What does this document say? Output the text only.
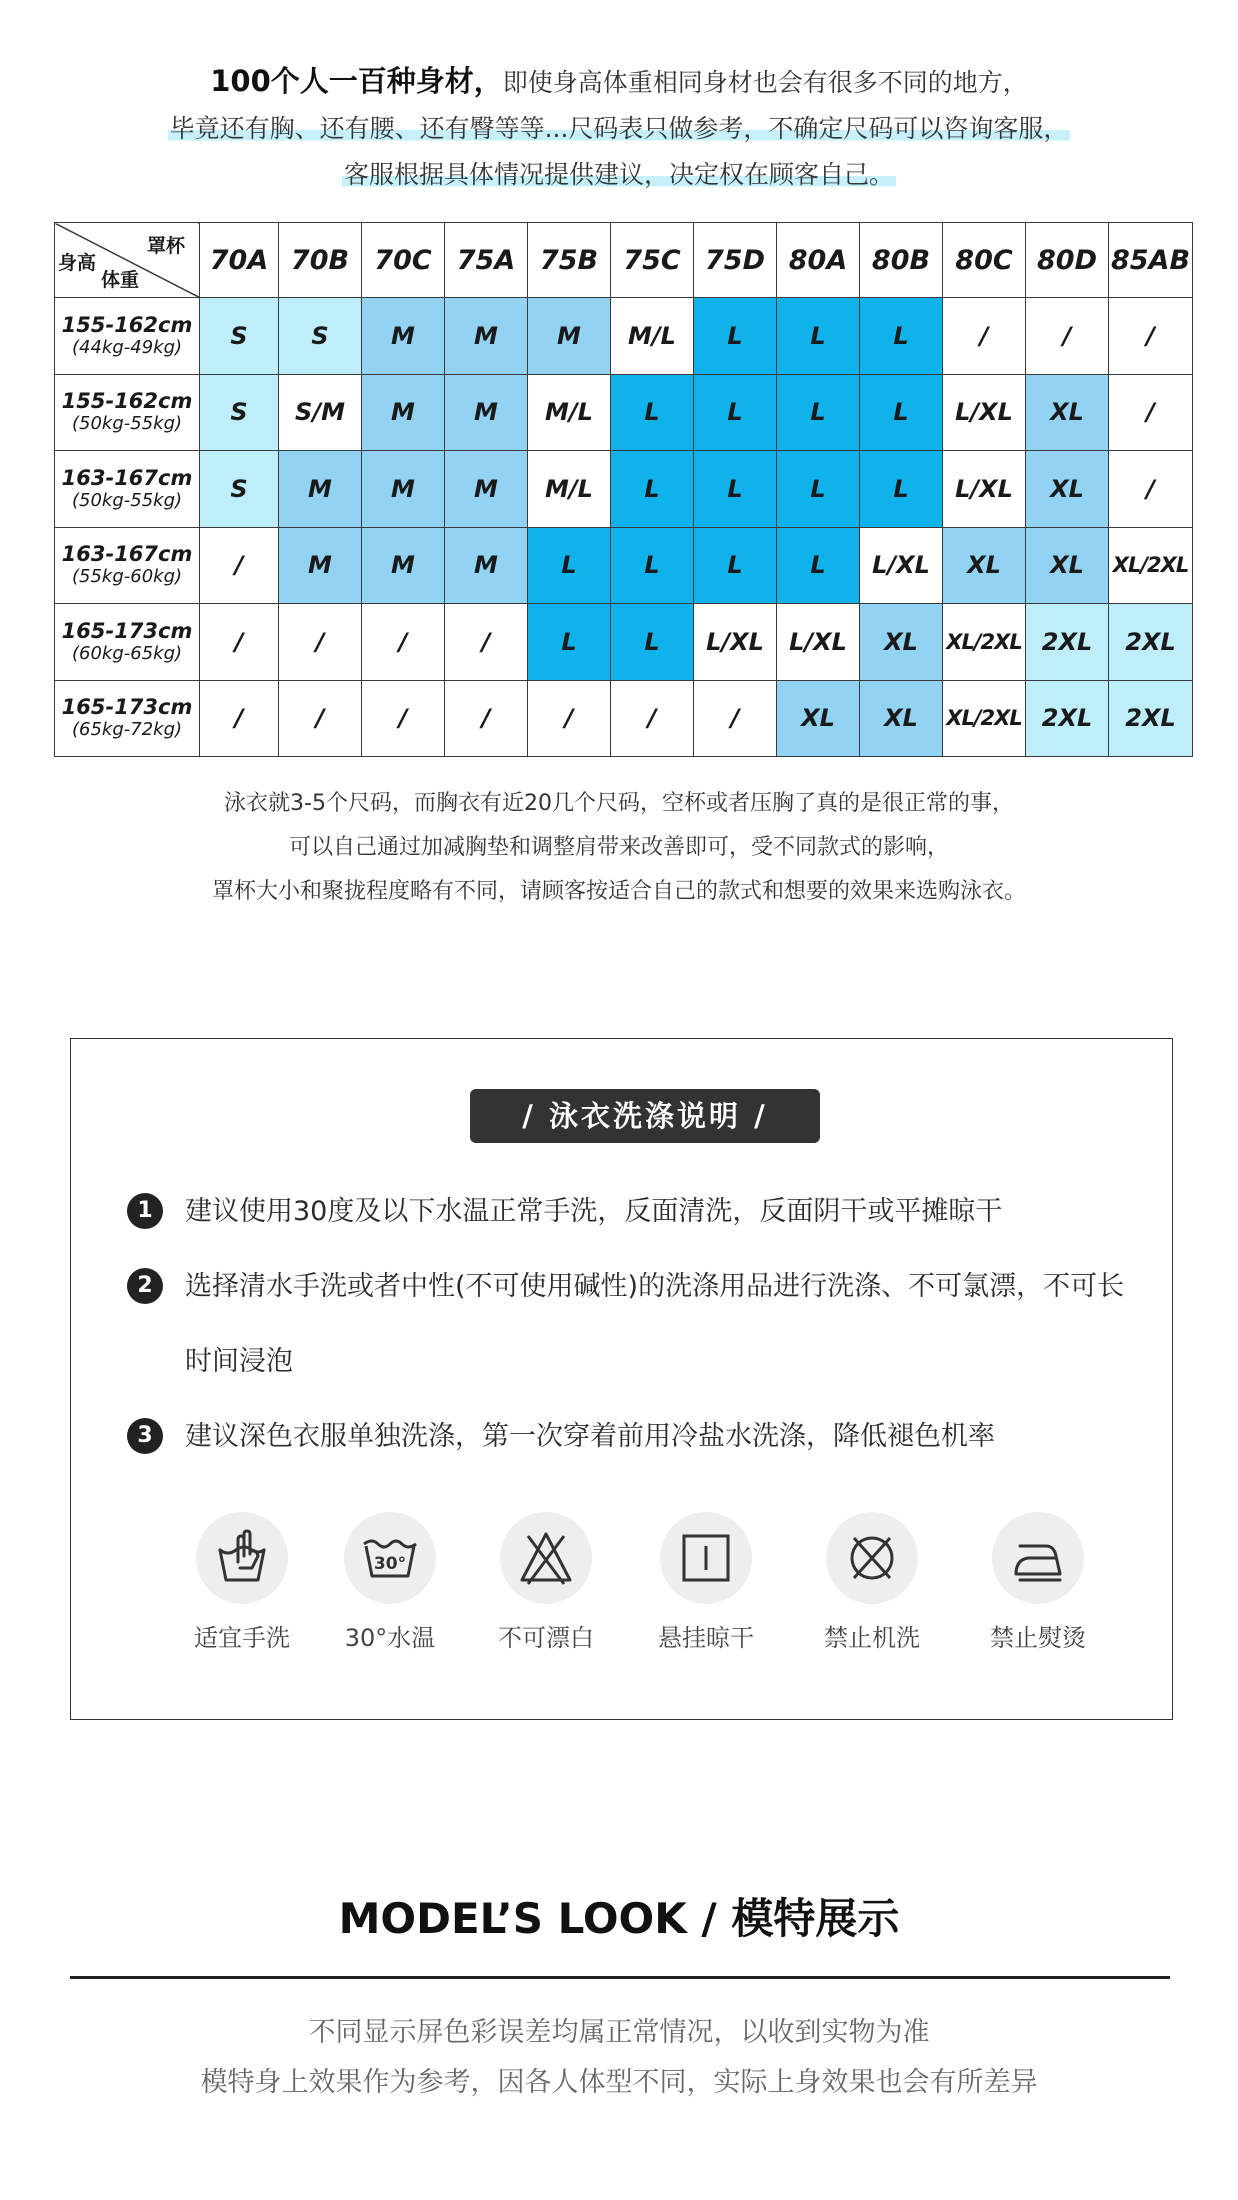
100个人一百种身材，即使身高体重相同身材也会有很多不同的地方，
毕竟还有胸、还有腰、还有臀等等...尺码表只做参考，不确定尺码可以咨询客服，
客服根据具体情况提供建议，决定权在顾客自己。
罩杯
身高
体重	70A	70B	70C	75A	75B	75C	75D	80A	80B	80C	80D	85AB

155-162cm
(44kg-49kg)	S	S	M	M	M	M/L	L	L	L	/	/	/

155-162cm
(50kg-55kg)	S	S/M	M	M	M/L	L	L	L	L	L/XL	XL	/

163-167cm
(50kg-55kg)	S	M	M	M	M/L	L	L	L	L	L/XL	XL	/

163-167cm
(55kg-60kg)	/	M	M	M	L	L	L	L	L/XL	XL	XL	XL/2XL

165-173cm
(60kg-65kg)	/	/	/	/	L	L	L/XL	L/XL	XL	XL/2XL	2XL	2XL

165-173cm
(65kg-72kg)	/	/	/	/	/	/	/	XL	XL	XL/2XL	2XL	2XL

泳衣就3-5个尺码，而胸衣有近20几个尺码，空杯或者压胸了真的是很正常的事，

可以自己通过加减胸垫和调整肩带来改善即可，受不同款式的影响，

罩杯大小和聚拢程度略有不同，请顾客按适合自己的款式和想要的效果来选购泳衣。

/ 泳衣洗涤说明 /
1	建议使用30度及以下水温正常手洗，反面清洗，反面阴干或平摊晾干
2	选择清水手洗或者中性(不可使用碱性)的洗涤用品进行洗涤、不可氯漂，不可长时间浸泡
3	建议深色衣服单独洗涤，第一次穿着前用冷盐水洗涤，降低褪色机率
适宜手洗
30°
30°水温	不可漂白	悬挂晾干	禁止机洗	禁止熨烫
MODEL’S LOOK / 模特展示

不同显示屏色彩误差均属正常情况，以收到实物为准

模特身上效果作为参考，因各人体型不同，实际上身效果也会有所差异
